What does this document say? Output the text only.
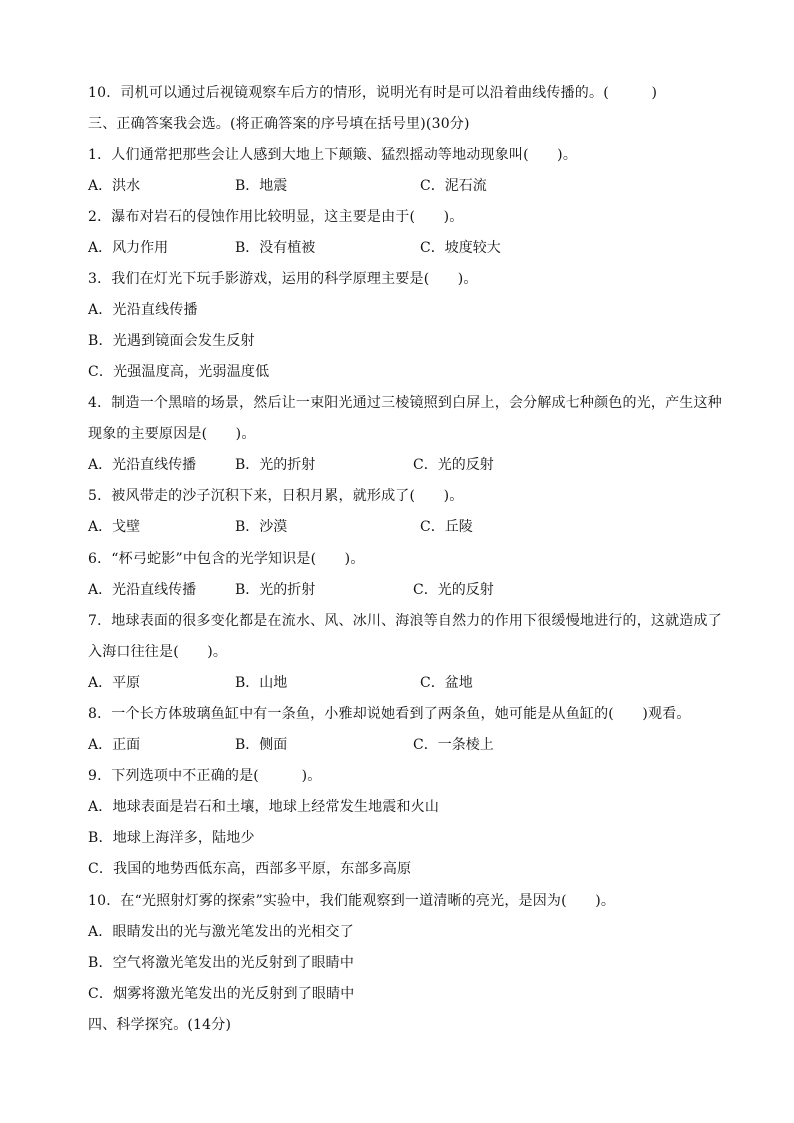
10．司机可以通过后视镜观察车后方的情形，说明光有时是可以沿着曲线传播的。(　　　)
三、正确答案我会选。(将正确答案的序号填在括号里)(30分)
1．人们通常把那些会让人感到大地上下颠簸、猛烈摇动等地动现象叫(　　)。
A．洪水	B．地震	C．泥石流
2．瀑布对岩石的侵蚀作用比较明显，这主要是由于(　　)。
A．风力作用	B．没有植被	C．坡度较大
3．我们在灯光下玩手影游戏，运用的科学原理主要是(　　)。
A．光沿直线传播
B．光遇到镜面会发生反射
C．光强温度高，光弱温度低
4．制造一个黑暗的场景，然后让一束阳光通过三棱镜照到白屏上，会分解成七种颜色的光，产生这种
现象的主要原因是(　　)。
A．光沿直线传播	B．光的折射	C．光的反射
5．被风带走的沙子沉积下来，日积月累，就形成了(　　)。
A．戈壁	B．沙漠	C．丘陵
6．“杯弓蛇影”中包含的光学知识是(　　)。
A．光沿直线传播	B．光的折射	C．光的反射
7．地球表面的很多变化都是在流水、风、冰川、海浪等自然力的作用下很缓慢地进行的，这就造成了
入海口往往是(　　)。
A．平原	B．山地	C．盆地
8．一个长方体玻璃鱼缸中有一条鱼，小雅却说她看到了两条鱼，她可能是从鱼缸的(　　)观看。
A．正面	B．侧面	C．一条棱上
9．下列选项中不正确的是(　　　)。
A．地球表面是岩石和土壤，地球上经常发生地震和火山
B．地球上海洋多，陆地少
C．我国的地势西低东高，西部多平原，东部多高原
10．在“光照射灯雾的探索”实验中，我们能观察到一道清晰的亮光，是因为(　　)。
A．眼睛发出的光与激光笔发出的光相交了
B．空气将激光笔发出的光反射到了眼睛中
C．烟雾将激光笔发出的光反射到了眼睛中
四、科学探究。(14分)
